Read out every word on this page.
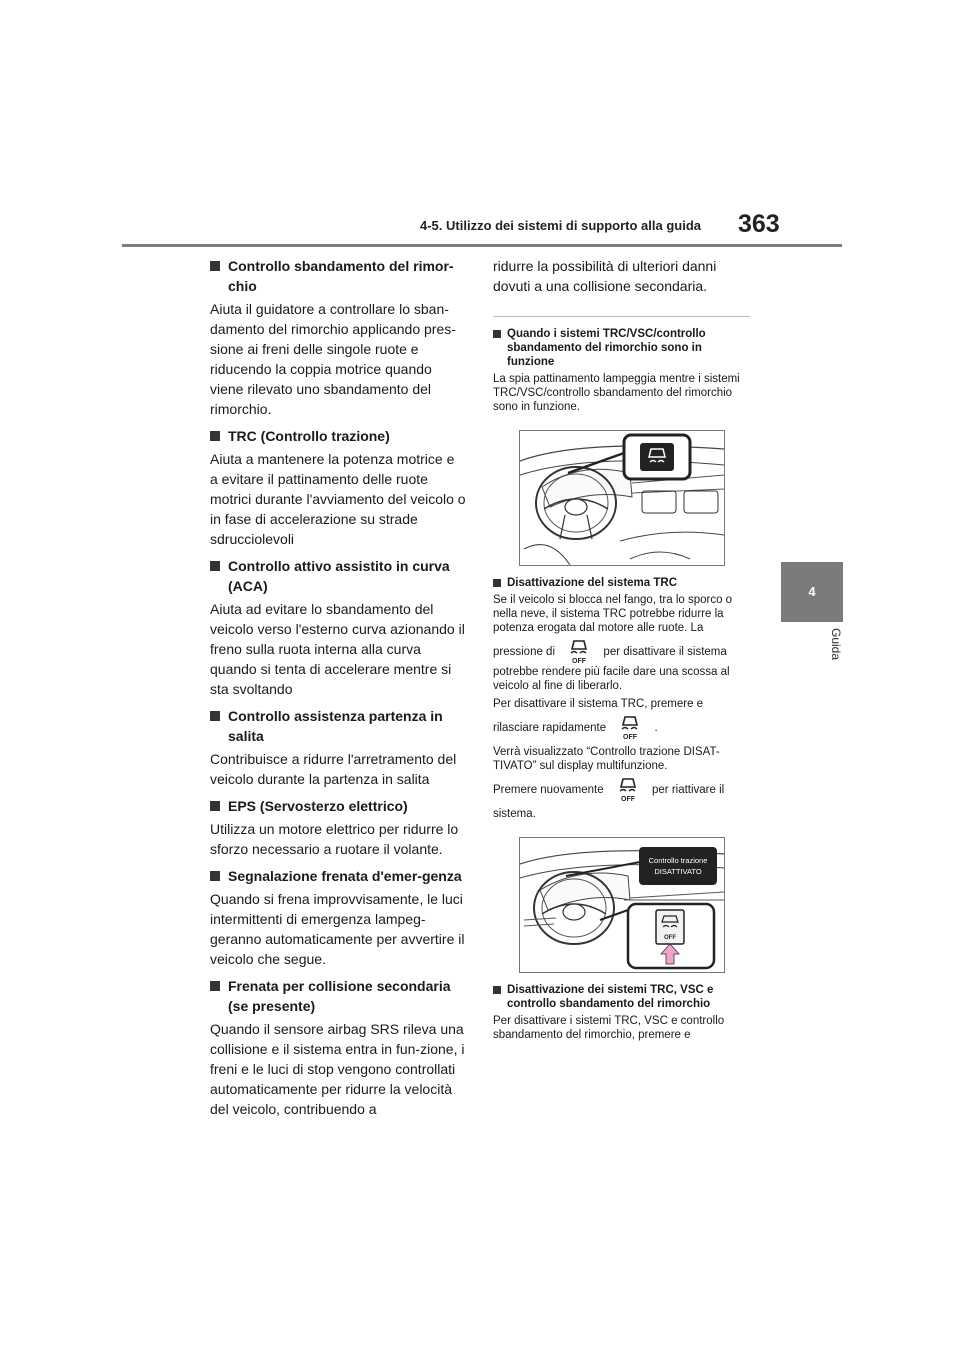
4-5. Utilizzo dei sistemi di supporto alla guida 363
4
Guida
Controllo sbandamento del rimor-chio
Aiuta il guidatore a controllare lo sban-damento del rimorchio applicando pres-sione ai freni delle singole ruote e riducendo la coppia motrice quando viene rilevato uno sbandamento del rimorchio.
TRC (Controllo trazione)
Aiuta a mantenere la potenza motrice e a evitare il pattinamento delle ruote motrici durante l'avviamento del veicolo o in fase di accelerazione su strade sdrucciolevoli
Controllo attivo assistito in curva (ACA)
Aiuta ad evitare lo sbandamento del veicolo verso l'esterno curva azionando il freno sulla ruota interna alla curva quando si tenta di accelerare mentre si sta svoltando
Controllo assistenza partenza in salita
Contribuisce a ridurre l'arretramento del veicolo durante la partenza in salita
EPS (Servosterzo elettrico)
Utilizza un motore elettrico per ridurre lo sforzo necessario a ruotare il volante.
Segnalazione frenata d'emer-genza
Quando si frena improvvisamente, le luci intermittenti di emergenza lampeg-geranno automaticamente per avvertire il veicolo che segue.
Frenata per collisione secondaria (se presente)
Quando il sensore airbag SRS rileva una collisione e il sistema entra in fun-zione, i freni e le luci di stop vengono controllati automaticamente per ridurre la velocità del veicolo, contribuendo a
ridurre la possibilità di ulteriori danni dovuti a una collisione secondaria.
Quando i sistemi TRC/VSC/controllo sbandamento del rimorchio sono in funzione
La spia pattinamento lampeggia mentre i sistemi TRC/VSC/controllo sbandamento del rimorchio sono in funzione.
Disattivazione del sistema TRC
Se il veicolo si blocca nel fango, tra lo sporco o nella neve, il sistema TRC potrebbe ridurre la potenza erogata dal motore alle ruote. La
pressione di
OFF
per disattivare il sistema
potrebbe rendere più facile dare una scossa al veicolo al fine di liberarlo.
Per disattivare il sistema TRC, premere e
rilasciare rapidamente
OFF
.
Verrà visualizzato “Controllo trazione DISAT-TIVATO” sul display multifunzione.
Premere nuovamente
OFF
per riattivare il
sistema.
Controllo trazione
DISATTIVATO
OFF
Disattivazione dei sistemi TRC, VSC e controllo sbandamento del rimorchio
Per disattivare i sistemi TRC, VSC e controllo sbandamento del rimorchio, premere e
